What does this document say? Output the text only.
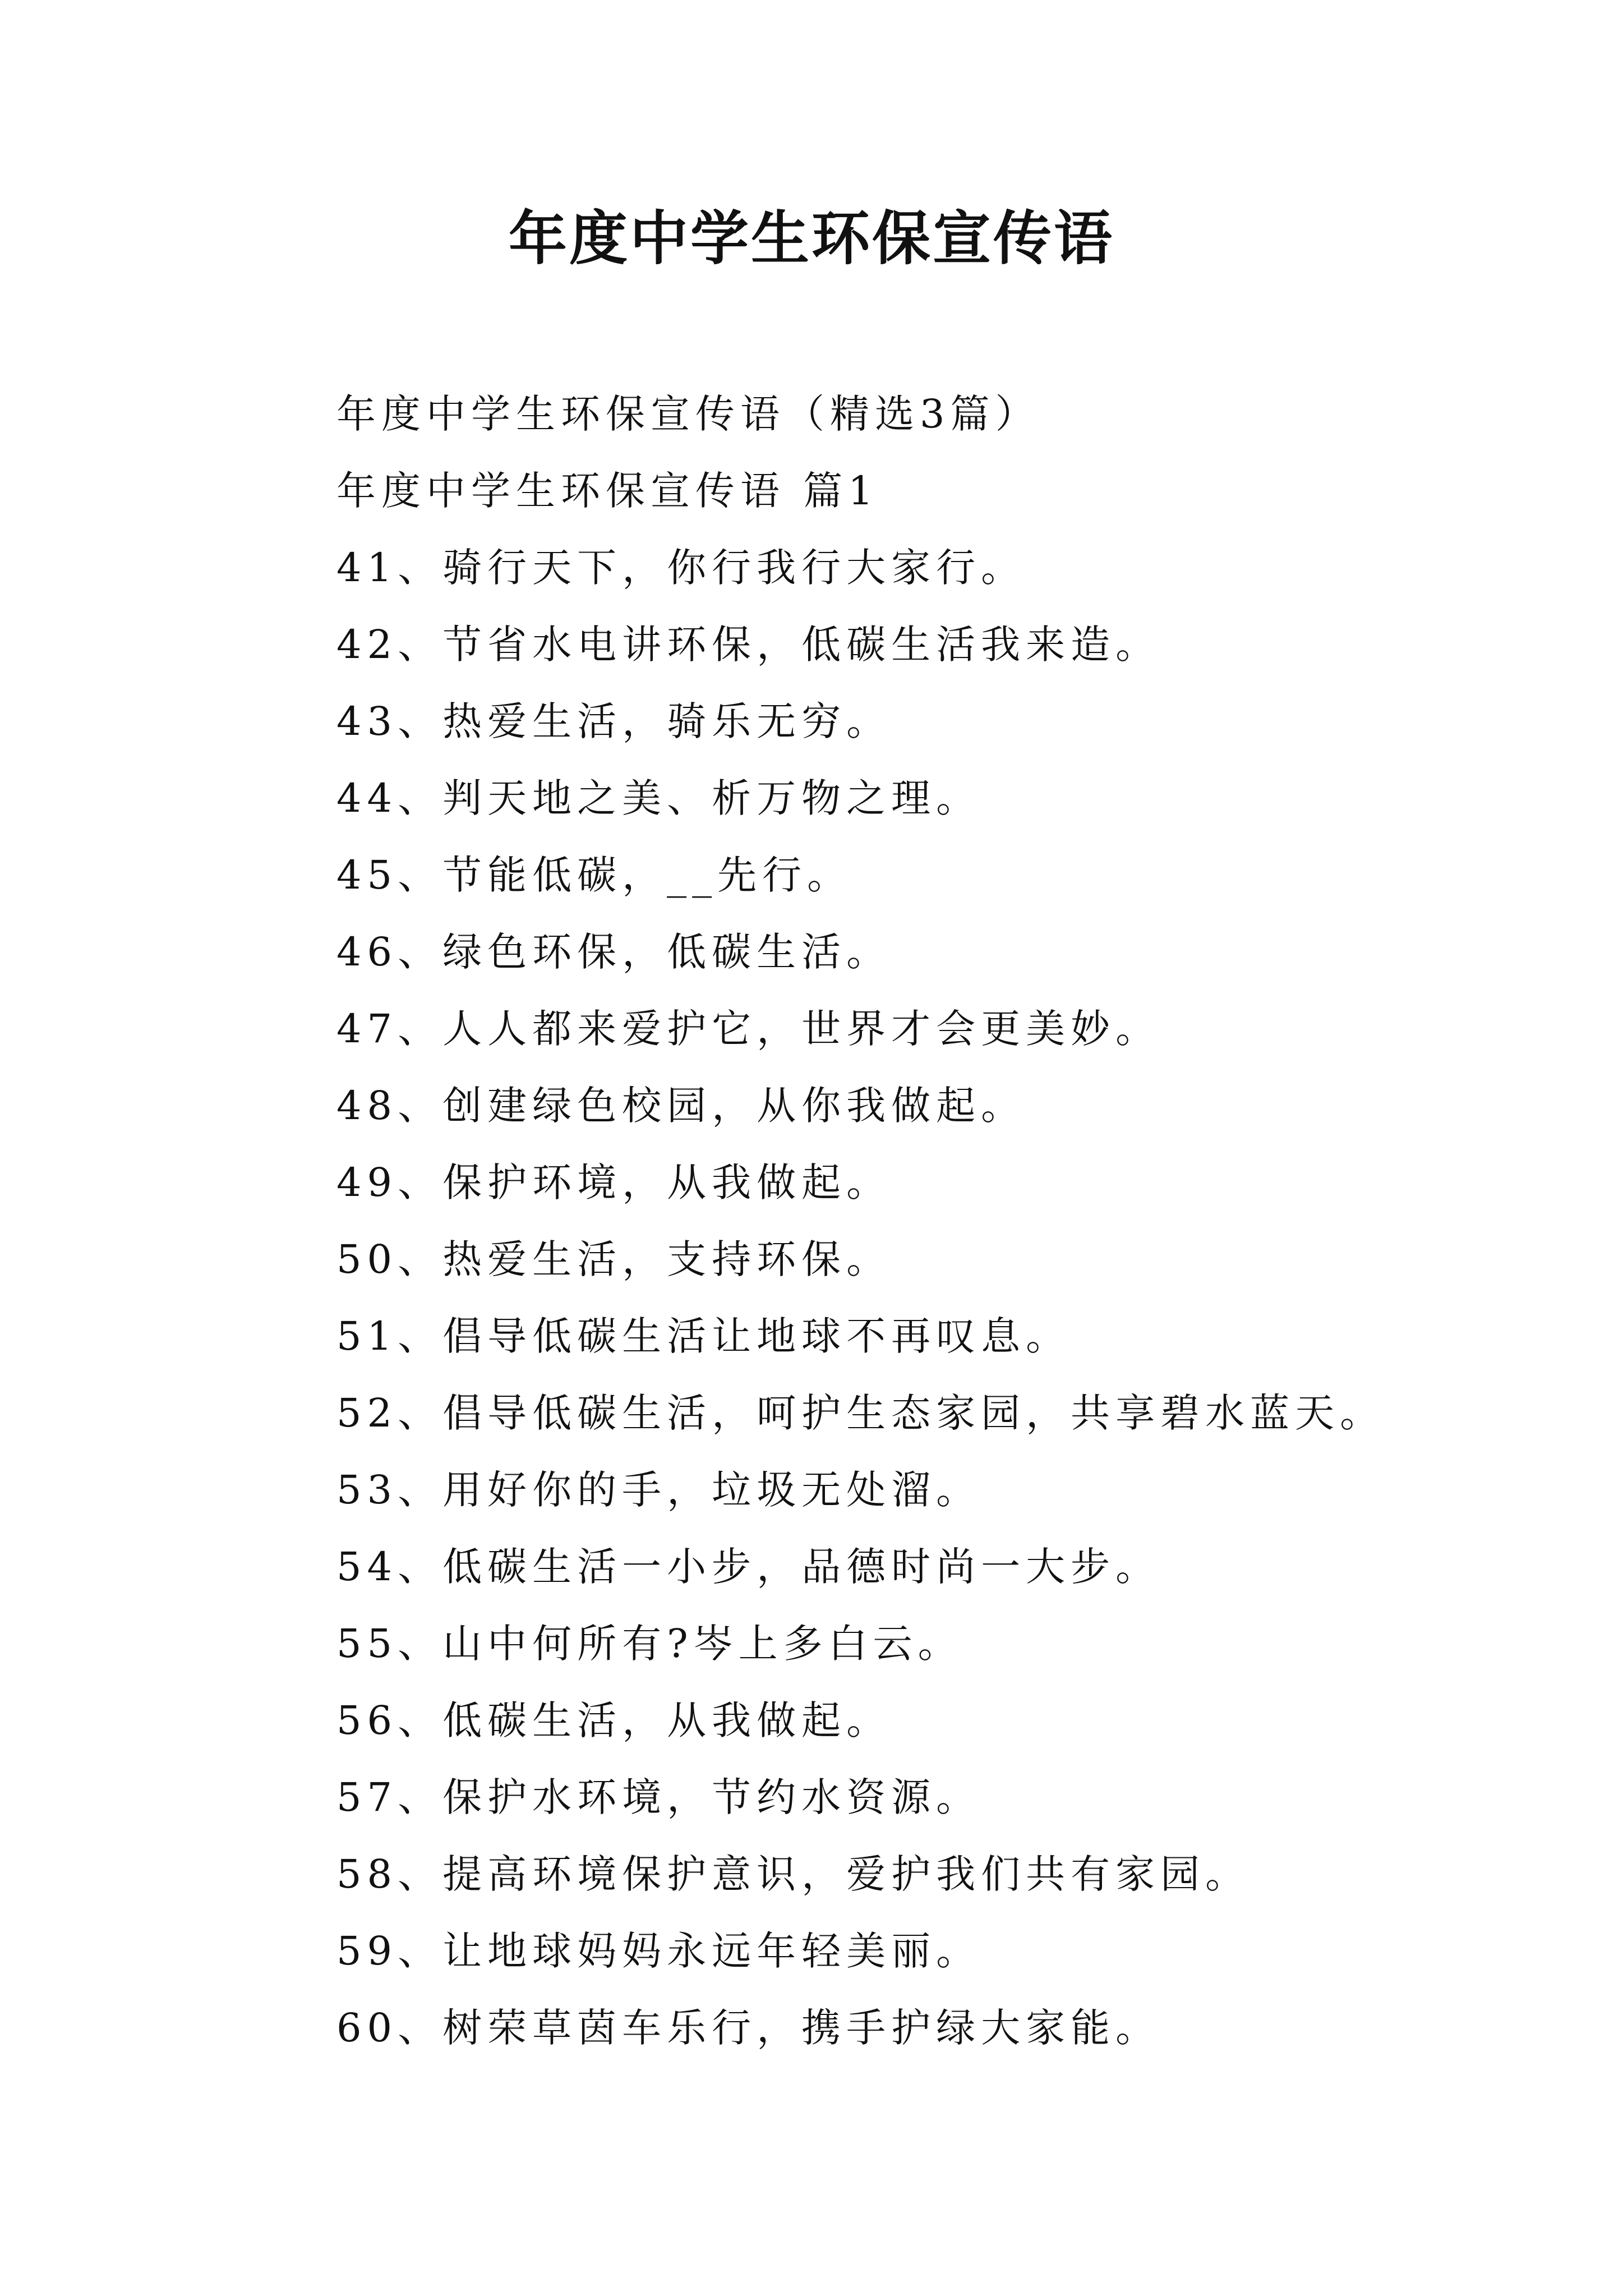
年度中学生环保宣传语
年度中学生环保宣传语（精选3篇）
年度中学生环保宣传语 篇1
41、骑行天下，你行我行大家行。
42、节省水电讲环保，低碳生活我来造。
43、热爱生活，骑乐无穷。
44、判天地之美、析万物之理。
45、节能低碳，__先行。
46、绿色环保，低碳生活。
47、人人都来爱护它，世界才会更美妙。
48、创建绿色校园，从你我做起。
49、保护环境，从我做起。
50、热爱生活，支持环保。
51、倡导低碳生活让地球不再叹息。
52、倡导低碳生活，呵护生态家园，共享碧水蓝天。
53、用好你的手，垃圾无处溜。
54、低碳生活一小步，品德时尚一大步。
55、山中何所有?岑上多白云。
56、低碳生活，从我做起。
57、保护水环境，节约水资源。
58、提高环境保护意识，爱护我们共有家园。
59、让地球妈妈永远年轻美丽。
60、树荣草茵车乐行，携手护绿大家能。
